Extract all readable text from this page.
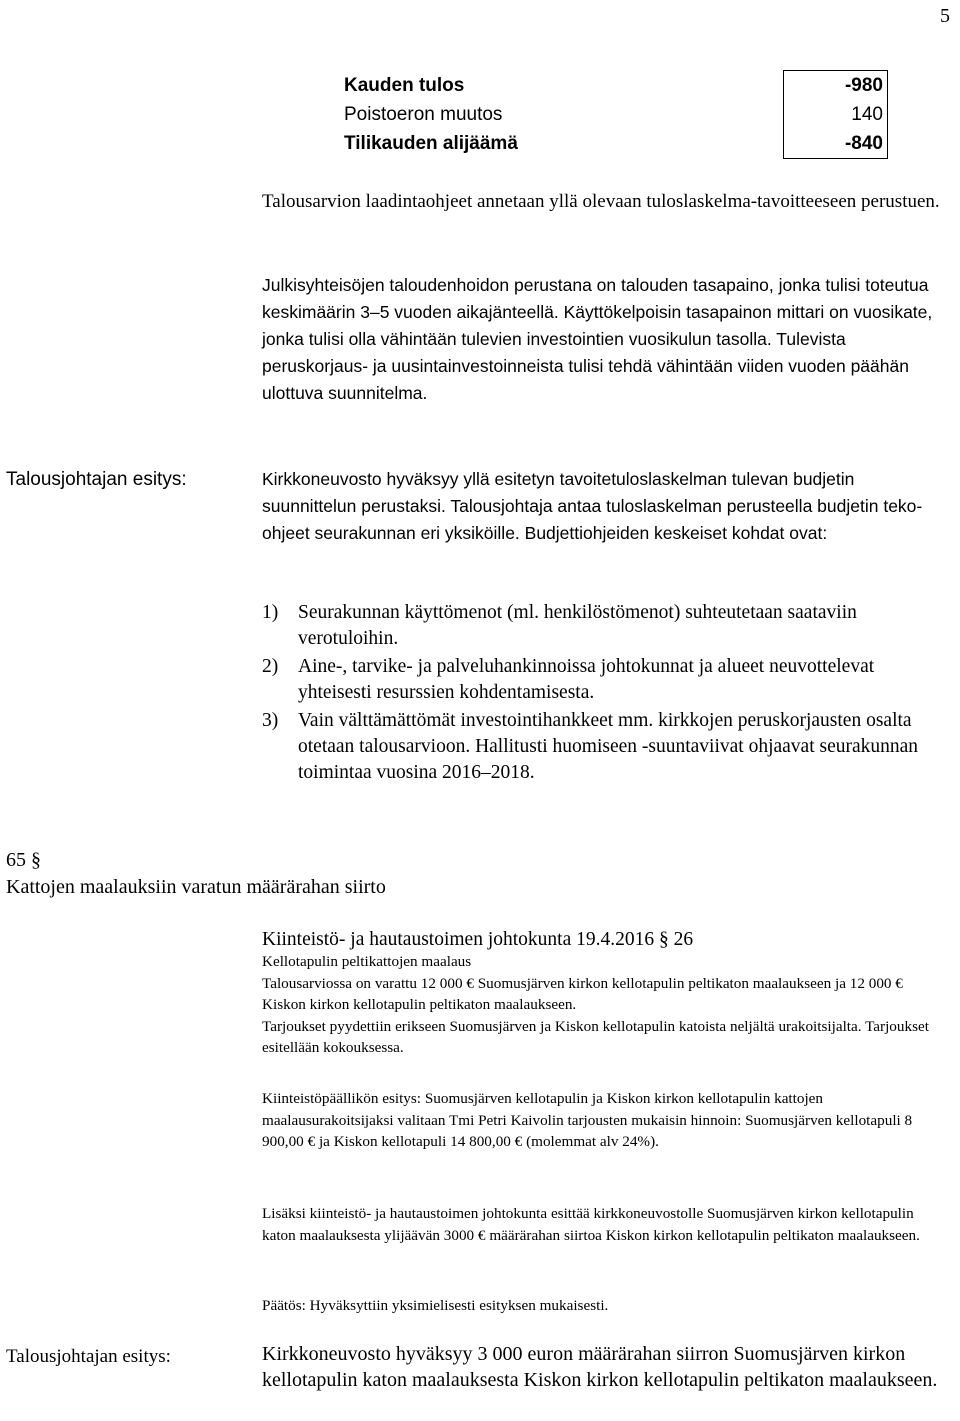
5
Kauden tulos	-980
Poistoeron muutos	140
Tilikauden alijäämä	-840

Talousarvion laadintaohjeet annetaan yllä olevaan tuloslaskelma-tavoitteeseen perustuen.

Julkisyhteisöjen taloudenhoidon perustana on talouden tasapaino, jonka tulisi toteutua keskimäärin 3–5 vuoden aikajänteellä. Käyttökelpoisin tasapainon mittari on vuosikate, jonka tulisi olla vähintään tulevien investointien vuosikulun tasolla. Tulevista peruskorjaus- ja uusintainvestoinneista tulisi tehdä vähintään viiden vuoden päähän ulottuva suunnitelma.

Talousjohtajan esitys:	Kirkkoneuvosto hyväksyy yllä esitetyn tavoitetuloslaskelman tulevan budjetin suunnittelun perustaksi. Talousjohtaja antaa tuloslaskelman perusteella budjetin teko-ohjeet seurakunnan eri yksiköille. Budjettiohjeiden keskeiset kohdat ovat:
1)	Seurakunnan käyttömenot (ml. henkilöstömenot) suhteutetaan saataviin verotuloihin.
2)	Aine-, tarvike- ja palveluhankinnoissa johtokunnat ja alueet neuvottelevat yhteisesti resurssien kohdentamisesta.
3)	Vain välttämättömät investointihankkeet mm. kirkkojen peruskorjausten osalta otetaan talousarvioon. Hallitusti huomiseen -suuntaviivat ohjaavat seurakunnan toimintaa vuosina 2016–2018.
65 §
Kattojen maalauksiin varatun määrärahan siirto
Kiinteistö- ja hautaustoimen johtokunta 19.4.2016 § 26

Kellotapulin peltikattojen maalaus

Talousarviossa on varattu 12 000 € Suomusjärven kirkon kellotapulin peltikaton maalaukseen ja 12 000 € Kiskon kirkon kellotapulin peltikaton maalaukseen.

Tarjoukset pyydettiin erikseen Suomusjärven ja Kiskon kellotapulin katoista neljältä urakoitsijalta. Tarjoukset esitellään kokouksessa.

Kiinteistöpäällikön esitys: Suomusjärven kellotapulin ja Kiskon kirkon kellotapulin kattojen maalausurakoitsijaksi valitaan Tmi Petri Kaivolin tarjousten mukaisin hinnoin: Suomusjärven kellotapuli 8 900,00 € ja Kiskon kellotapuli 14 800,00 € (molemmat alv 24%).
Lisäksi kiinteistö- ja hautaustoimen johtokunta esittää kirkkoneuvostolle Suomusjärven kirkon kellotapulin katon maalauksesta ylijäävän 3000 € määrärahan siirtoa Kiskon kirkon kellotapulin peltikaton maalaukseen.
Päätös: Hyväksyttiin yksimielisesti esityksen mukaisesti.
Talousjohtajan esitys:	Kirkkoneuvosto hyväksyy 3 000 euron määrärahan siirron Suomusjärven kirkon kellotapulin katon maalauksesta Kiskon kirkon kellotapulin peltikaton maalaukseen.
